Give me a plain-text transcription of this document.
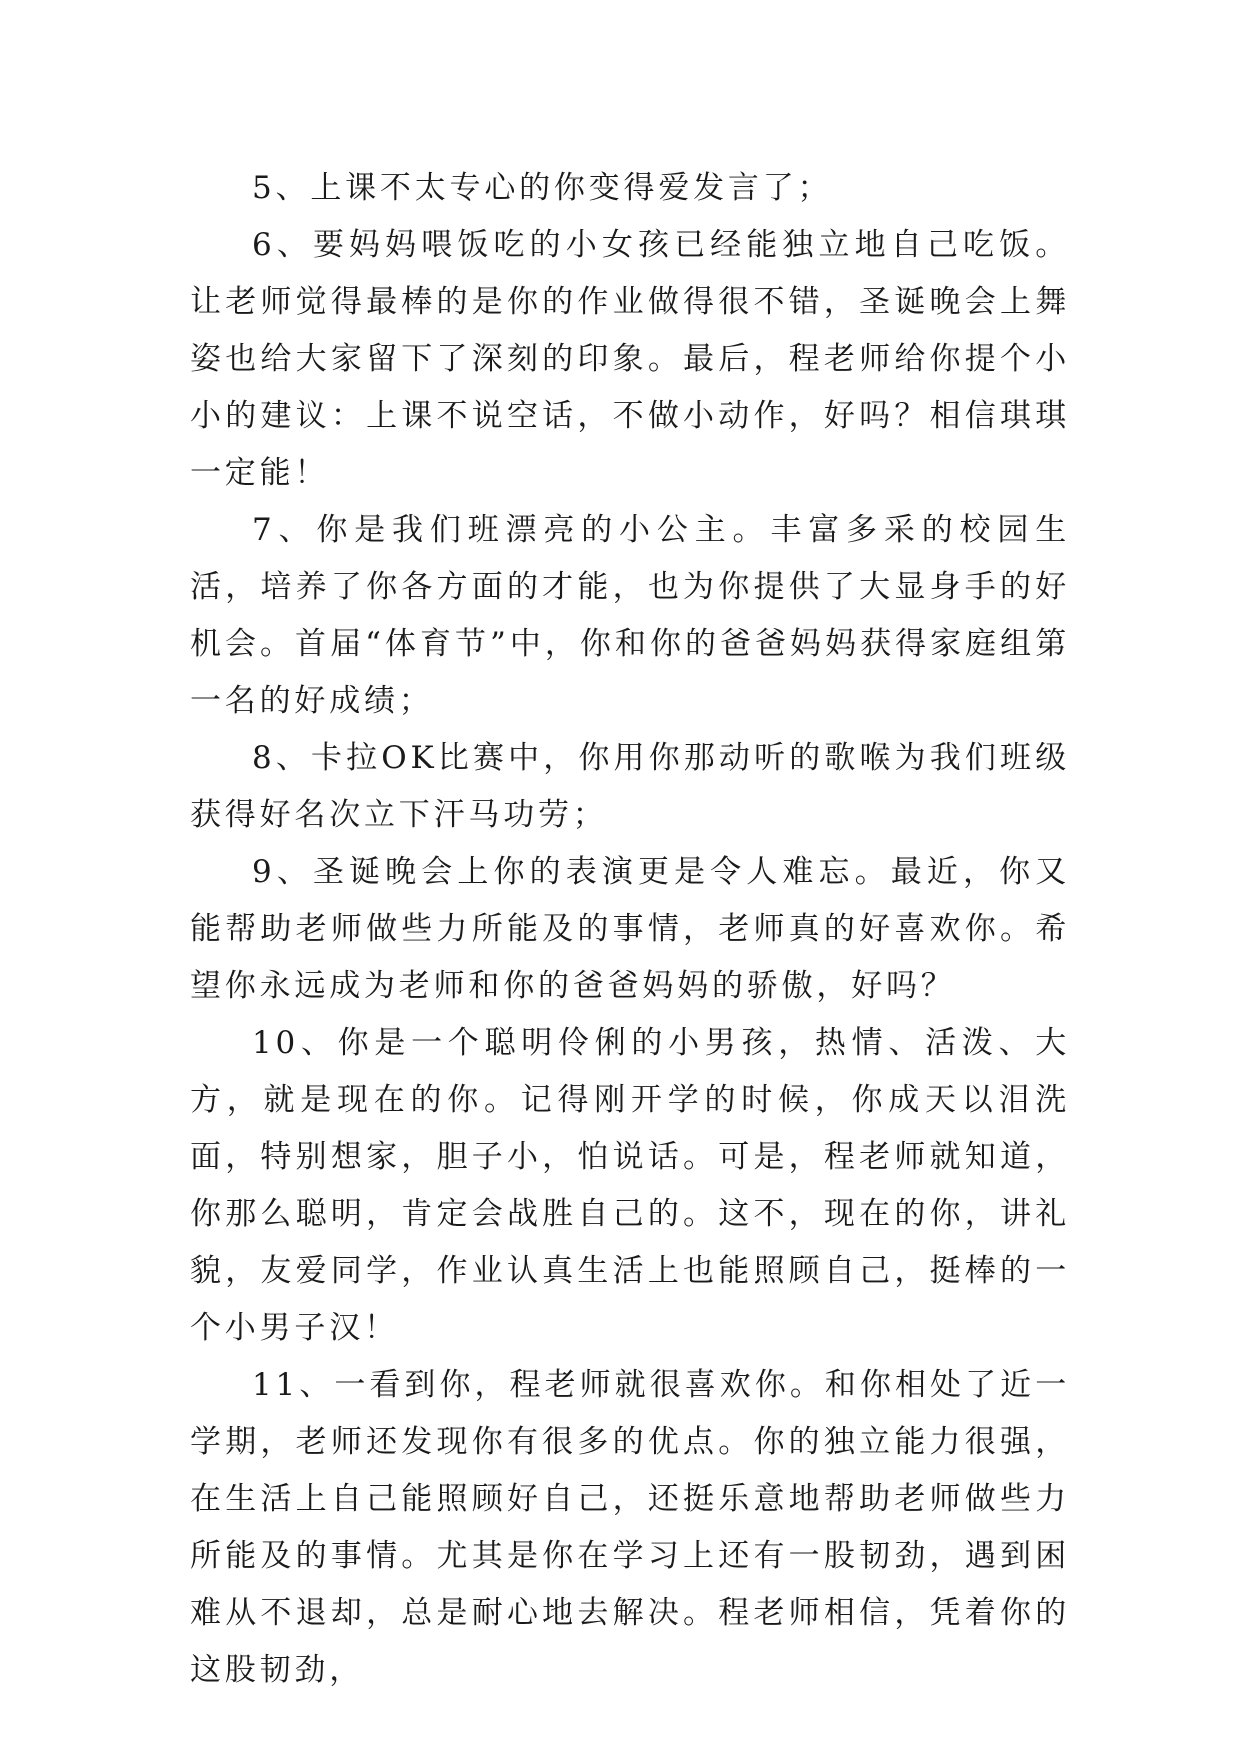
5、上课不太专心的你变得爱发言了；

6、要妈妈喂饭吃的小女孩已经能独立地自己吃饭。让老师觉得最棒的是你的作业做得很不错，圣诞晚会上舞姿也给大家留下了深刻的印象。最后，程老师给你提个小小的建议：上课不说空话，不做小动作，好吗？相信琪琪一定能！

7、你是我们班漂亮的小公主。丰富多采的校园生活，培养了你各方面的才能，也为你提供了大显身手的好机会。首届“体育节”中，你和你的爸爸妈妈获得家庭组第一名的好成绩；

8、卡拉OK比赛中，你用你那动听的歌喉为我们班级获得好名次立下汗马功劳；

9、圣诞晚会上你的表演更是令人难忘。最近，你又能帮助老师做些力所能及的事情，老师真的好喜欢你。希望你永远成为老师和你的爸爸妈妈的骄傲，好吗？

10、你是一个聪明伶俐的小男孩，热情、活泼、大方，就是现在的你。记得刚开学的时候，你成天以泪洗面，特别想家，胆子小，怕说话。可是，程老师就知道，你那么聪明，肯定会战胜自己的。这不，现在的你，讲礼貌，友爱同学，作业认真生活上也能照顾自己，挺棒的一个小男子汉！

11、一看到你，程老师就很喜欢你。和你相处了近一学期，老师还发现你有很多的优点。你的独立能力很强，在生活上自己能照顾好自己，还挺乐意地帮助老师做些力所能及的事情。尤其是你在学习上还有一股韧劲，遇到困难从不退却，总是耐心地去解决。程老师相信，凭着你的这股韧劲，
